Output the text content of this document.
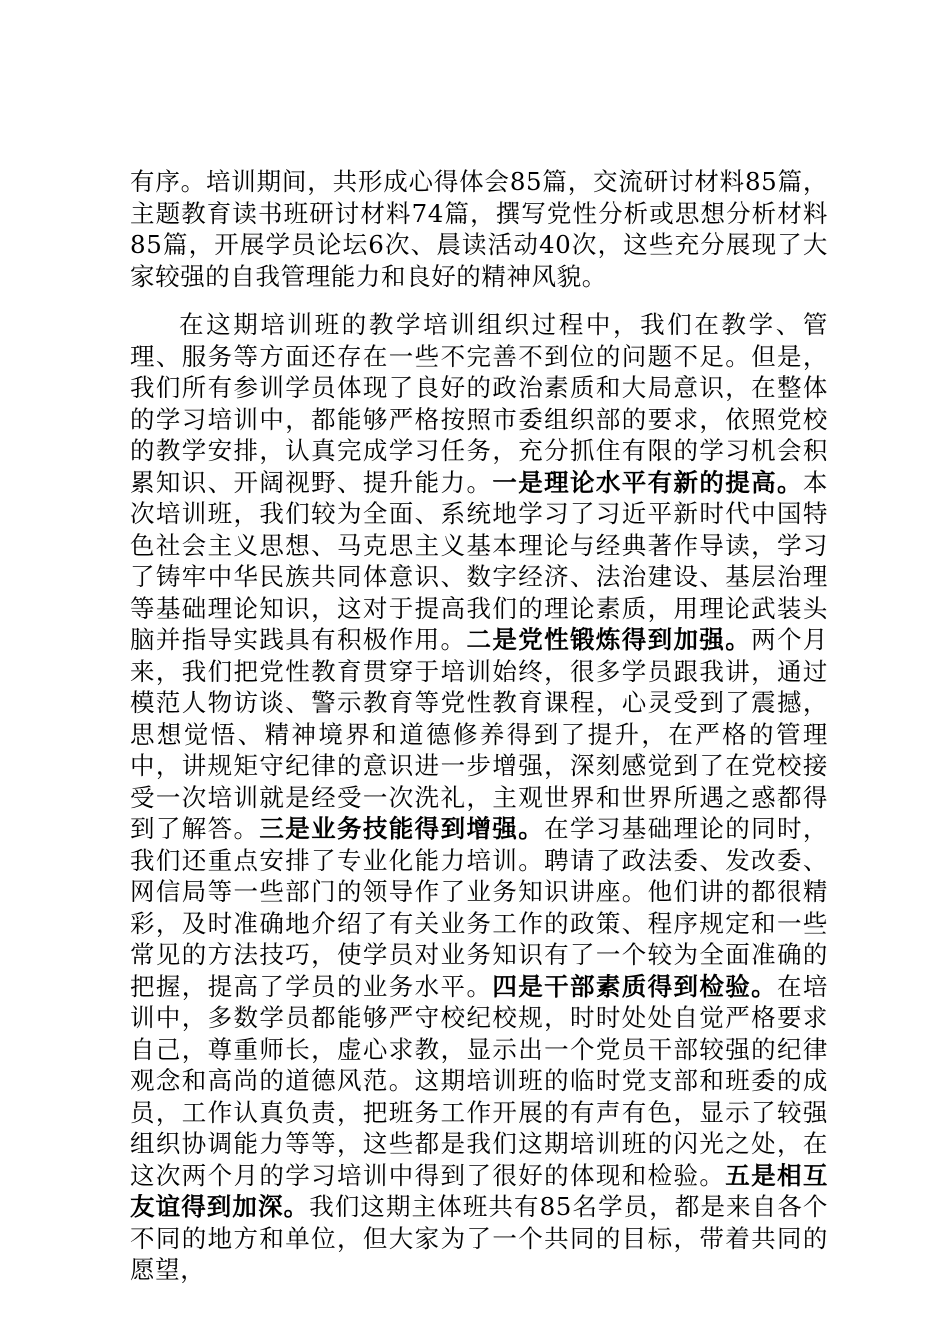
有序。培训期间，共形成心得体会85篇，交流研讨材料85篇，主题教育读书班研讨材料74篇，撰写党性分析或思想分析材料85篇，开展学员论坛6次、晨读活动40次，这些充分展现了大家较强的自我管理能力和良好的精神风貌。

在这期培训班的教学培训组织过程中，我们在教学、管理、服务等方面还存在一些不完善不到位的问题不足。但是，我们所有参训学员体现了良好的政治素质和大局意识，在整体的学习培训中，都能够严格按照市委组织部的要求，依照党校的教学安排，认真完成学习任务，充分抓住有限的学习机会积累知识、开阔视野、提升能力。一是理论水平有新的提高。本次培训班，我们较为全面、系统地学习了习近平新时代中国特色社会主义思想、马克思主义基本理论与经典著作导读，学习了铸牢中华民族共同体意识、数字经济、法治建设、基层治理等基础理论知识，这对于提高我们的理论素质，用理论武装头脑并指导实践具有积极作用。二是党性锻炼得到加强。两个月来，我们把党性教育贯穿于培训始终，很多学员跟我讲，通过模范人物访谈、警示教育等党性教育课程，心灵受到了震撼，思想觉悟、精神境界和道德修养得到了提升，在严格的管理中，讲规矩守纪律的意识进一步增强，深刻感觉到了在党校接受一次培训就是经受一次洗礼，主观世界和世界所遇之惑都得到了解答。三是业务技能得到增强。在学习基础理论的同时，我们还重点安排了专业化能力培训。聘请了政法委、发改委、网信局等一些部门的领导作了业务知识讲座。他们讲的都很精彩，及时准确地介绍了有关业务工作的政策、程序规定和一些常见的方法技巧，使学员对业务知识有了一个较为全面准确的把握，提高了学员的业务水平。四是干部素质得到检验。在培训中，多数学员都能够严守校纪校规，时时处处自觉严格要求自己，尊重师长，虚心求教，显示出一个党员干部较强的纪律观念和高尚的道德风范。这期培训班的临时党支部和班委的成员，工作认真负责，把班务工作开展的有声有色，显示了较强组织协调能力等等，这些都是我们这期培训班的闪光之处，在这次两个月的学习培训中得到了很好的体现和检验。五是相互友谊得到加深。我们这期主体班共有85名学员，都是来自各个不同的地方和单位，但大家为了一个共同的目标，带着共同的愿望，
